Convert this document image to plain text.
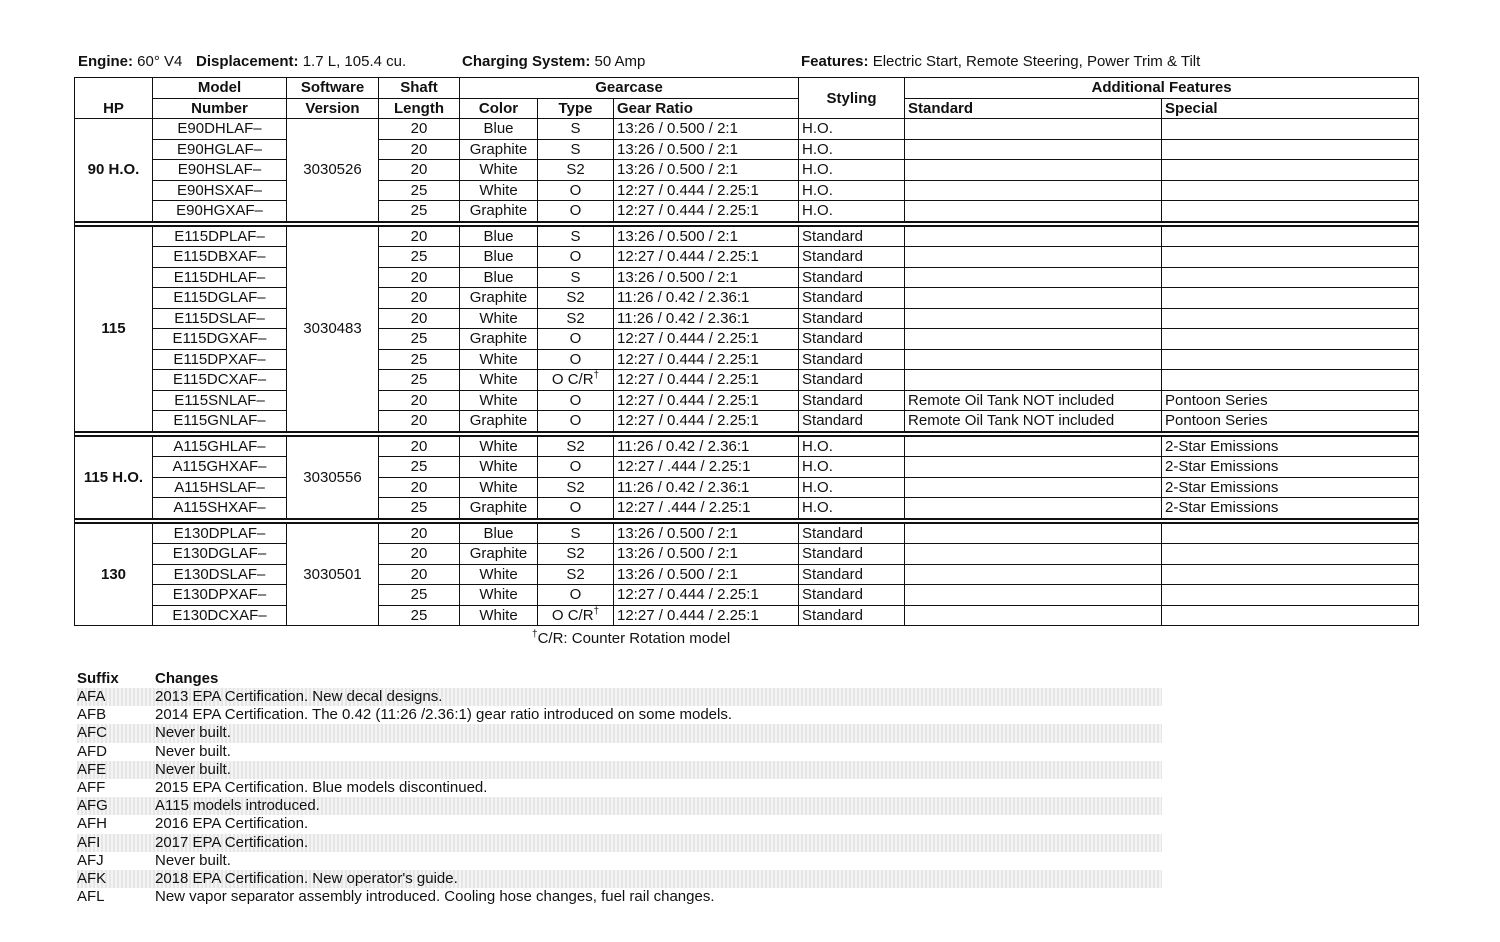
Engine: 60° V4 Displacement: 1.7 L, 105.4 cu.	Charging System: 50 Amp	Features: Electric Start, Remote Steering, Power Trim & Tilt
HP	Model	Software	Shaft	Gearcase			Styling	Additional Features	
	Number	Version	Length	Color	Type	Gear Ratio		Standard	Special
90 H.O.	E90DHLAF–	3030526	20	Blue	S	13:26 / 0.500 / 2:1	H.O.		
	E90HGLAF–		20	Graphite	S	13:26 / 0.500 / 2:1	H.O.		
	E90HSLAF–		20	White	S2	13:26 / 0.500 / 2:1	H.O.		
	E90HSXAF–		25	White	O	12:27 / 0.444 / 2.25:1	H.O.		
	E90HGXAF–		25	Graphite	O	12:27 / 0.444 / 2.25:1	H.O.		

115	E115DPLAF–	3030483	20	Blue	S	13:26 / 0.500 / 2:1	Standard		
	E115DBXAF–		25	Blue	O	12:27 / 0.444 / 2.25:1	Standard		
	E115DHLAF–		20	Blue	S	13:26 / 0.500 / 2:1	Standard		
	E115DGLAF–		20	Graphite	S2	11:26 / 0.42 / 2.36:1	Standard		
	E115DSLAF–		20	White	S2	11:26 / 0.42 / 2.36:1	Standard		
	E115DGXAF–		25	Graphite	O	12:27 / 0.444 / 2.25:1	Standard		
	E115DPXAF–		25	White	O	12:27 / 0.444 / 2.25:1	Standard		
	E115DCXAF–		25	White	O C/R†	12:27 / 0.444 / 2.25:1	Standard		
	E115SNLAF–		20	White	O	12:27 / 0.444 / 2.25:1	Standard	Remote Oil Tank NOT included	Pontoon Series
	E115GNLAF–		20	Graphite	O	12:27 / 0.444 / 2.25:1	Standard	Remote Oil Tank NOT included	Pontoon Series

115 H.O.	A115GHLAF–	3030556	20	White	S2	11:26 / 0.42 / 2.36:1	H.O.		2-Star Emissions
	A115GHXAF–		25	White	O	12:27 / .444 / 2.25:1	H.O.		2-Star Emissions
	A115HSLAF–		20	White	S2	11:26 / 0.42 / 2.36:1	H.O.		2-Star Emissions
	A115SHXAF–		25	Graphite	O	12:27 / .444 / 2.25:1	H.O.		2-Star Emissions

130	E130DPLAF–	3030501	20	Blue	S	13:26 / 0.500 / 2:1	Standard		
	E130DGLAF–		20	Graphite	S2	13:26 / 0.500 / 2:1	Standard		
	E130DSLAF–		20	White	S2	13:26 / 0.500 / 2:1	Standard		
	E130DPXAF–		25	White	O	12:27 / 0.444 / 2.25:1	Standard		
	E130DCXAF–		25	White	O C/R†	12:27 / 0.444 / 2.25:1	Standard		
†C/R: Counter Rotation model
Suffix	Changes
AFA	2013 EPA Certification. New decal designs.
AFB	2014 EPA Certification. The 0.42 (11:26 /2.36:1) gear ratio introduced on some models.
AFC	Never built.
AFD	Never built.
AFE	Never built.
AFF	2015 EPA Certification. Blue models discontinued.
AFG	A115 models introduced.
AFH	2016 EPA Certification.
AFI	2017 EPA Certification.
AFJ	Never built.
AFK	2018 EPA Certification. New operator's guide.
AFL	New vapor separator assembly introduced. Cooling hose changes, fuel rail changes.
